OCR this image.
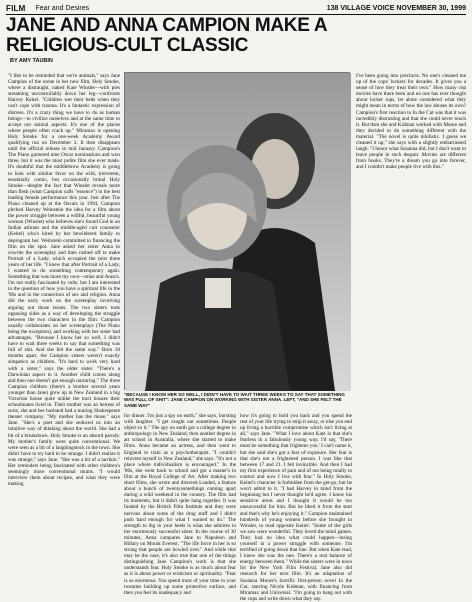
FILM Fear and Desires	138 VILLAGE VOICE NOVEMBER 30, 1999
JANE AND ANNA CAMPION MAKE A RELIGIOUS-CULT CLASSIC
BY AMY TAUBIN

"I like to be reminded that we're animals," says Jane Campion of the scene in her new film, Holy Smoke, where a distraught, naked Kate Winslet—with pies streaming uncontrollably down her leg—confronts Harvey Keitel. "Children wet their beds when they can't cope with trauma. It's a fantastic expression of distress. It's a crazy thing we have to do as human beings—to civilize ourselves and at the same time to accept our animal aspects. It's one of the places where people often crack up." Miramax is opening Holy Smoke for a one-week Academy Award qualifying run on December 3. It then disappears until the official release in mid January. Campion's The Piano garnered nine Oscar nominations and won three, but it was the most polite film she ever made. It's doubtful that the middlebrow Academy is going to look with similar favor on the wild, irreverent, essentially comic, but occasionally brutal Holy Smoke—despite the fact that Winslet reveals more than flesh (what Campion calls "essence") in the best leading female performance this year. Just after The Piano cleaned up at the Oscars in 1994, Campion pitched Harvey Weinstein the idea for a film about the power struggle between a willful, beautiful young woman (Winslet) who believes she's found God in an Indian ashram and the middle-aged cult counselor (Keitel) who's hired by her bewildered family to deprogram her. Weinstein committed to financing the film on the spot. Jane asked her sister Anna to cowrite the screenplay and then rushed off to make Portrait of a Lady, which occupied the next three years of her life. "I knew that after Portrait of a Lady, I wanted to do something contemporary again. Something that was more my own—mine and Anna's. I'm not really fascinated by cults, but I am interested in the question of how you have a spiritual life in the '90s and in the connection of sex and religion. Anna did the early work on the screenplay involving arguing out those issues. The two sisters took opposing sides as a way of developing the struggle between the two characters in the film. Campion usually collaborates on her screenplays (The Piano being the exception), and working with her sister had advantages. "Because I know her so well, I didn't have to wait three weeks to say that something was full of shit. And she felt the same way." Born 18 months apart, the Campion sisters weren't exactly simpatico as children. "It's hard to work very hard with a sister," says the older sister. "There's a Darwinian aspect to it. Another child comes along and then one doesn't get enough nurturing." The three Campion children (there's a brother several years younger than Jane) grew up in New Zealand in a big Victorian house quite unlike the tract houses their schoolmates lived in. Their mother was an heiress of sorts, she and her husband had a touring Shakespeare theater company. "My mother has the muse," says Jane. "She's a poet and she seduced us into an intuitive way of thinking about the world. She had a bit of a breakdown. Holy Smoke is an absurd parody. My mother's family were quite conventional. We were seen as a bit of a laughingstock in the town. She didn't have to try hard to be strange. I didn't realize it was strange," says Jane. "She was a bit of a larrikin." Her reminders being fascinated with other children's seemingly more conventional mums. "I would interview them about recipes, and what they were making

"BECAUSE I KNOW HER SO WELL, I DIDN'T HAVE TO WAIT THREE WEEKS TO SAY THAT SOMETHING WAS FULL OF SHIT": JANE CAMPION ON WORKING WITH SISTER ANNA. LEFT, "AND SHE FELT THE SAME WAY"

for dinner. I'm just a spy on earth," she says, bursting with laughter. "I get caught out sometimes. People object to it." The spy on earth got a college degree in anthropology in New Zealand, then another degree in art school in Australia, where she started to make films. Anna became an actress, and then went to England to train as a psychotherapist. "I couldn't reinvent myself in New Zealand," she says. "It's not a place where individualism is encouraged." In the '80s, she went back to school and got a master's in film at the Royal College of Art. After making two short films, she wrote and directed Loaded, a feature about a bunch of twentysomethings coming apart during a wild weekend in the country. The film had its moments, but it didn't quite hang together. It was funded by the British Film Institute and they were nervous about some of the drug stuff and I didn't push hard enough for what I wanted to do." The strength to dig in your heels is what she admires in her enormously successful sister. In the course of 30 minutes, Anna compares Jane to Napoleon and Hillary on Mount Everest. "The life force in her is so strong that people are bowled over." And while that may be the case, it's also true that one of the things distinguishing Jane Campion's work is that she understands fear. Holy Smoke is as much about fear as it is about power or eroticism or spirituality. "Fear is so enormous. You spend most of your time in your twenties building up some protective surface, and then you feel its inadequacy and

how it's going to hold you back and you spend the rest of your life trying to strip it away, or else you end up living a horrible compromise which isn't living at all," says Jane. "What I love about Kate is that she's fearless in a fabulously young way. I'd say, 'There must be something that frightens you.' I can't name it, but she said she's got a fear of exposure. Her fear is that she's not a frightened person. I was like that between 17 and 21. I felt invincible. And then I had my first experience of pain and of not being totally in control and now I live with fear." In Holy Smoke, Keitel's character is forbidden from the get-go, but he won't admit to it. "I had Harvey in mind from the beginning but I never thought he'd agree. I know his sensitive areas and I thought it would be too unsuccessful for him. But he liked it from the start and that's why he's enjoying it." Campion maintained hundreds of young women before she brought in Winslet, to read opposite Keitel. "Some of the girls we saw were wonderful. They loved the mind games. They had no idea what could happen—losing yourself in a power struggle with someone. I'm terrified of going down that line. But when Kate read, I knew she was the one. There's a real balance of energy between them." While the sisters were in town for the New York Film Festival, Jane also did research for her next film. It's an adaptation of Susanna Moore's horrific first-person novel In the Cut, starring Nicole Kidman, with financing from Miramax and Universal. "I'm going to hang out with the cops and write down what they say.

I've been going into precincts. No one's cleaned me up of the cops' lockers for decades. It gives you a sense of how they treat their own." How many cop movies have there been and no one has ever thought about locker tops, let alone considered what they might mean in terms of how the law abuses its own? Campion's first reaction to In the Cut was that it was incredibly distrusting and that she could never touch it. But then she and Kidman worked with Moore and they decided to do something different with the material. "The novel is quite nihilistic. I guess we cleaned it up," she says with a slightly embarrassed laugh. "I honor what Susanna did, but I don't want to leave people in such despair. Movies are different from books. They're a dream you go into forever, and I couldn't make people live with this."
